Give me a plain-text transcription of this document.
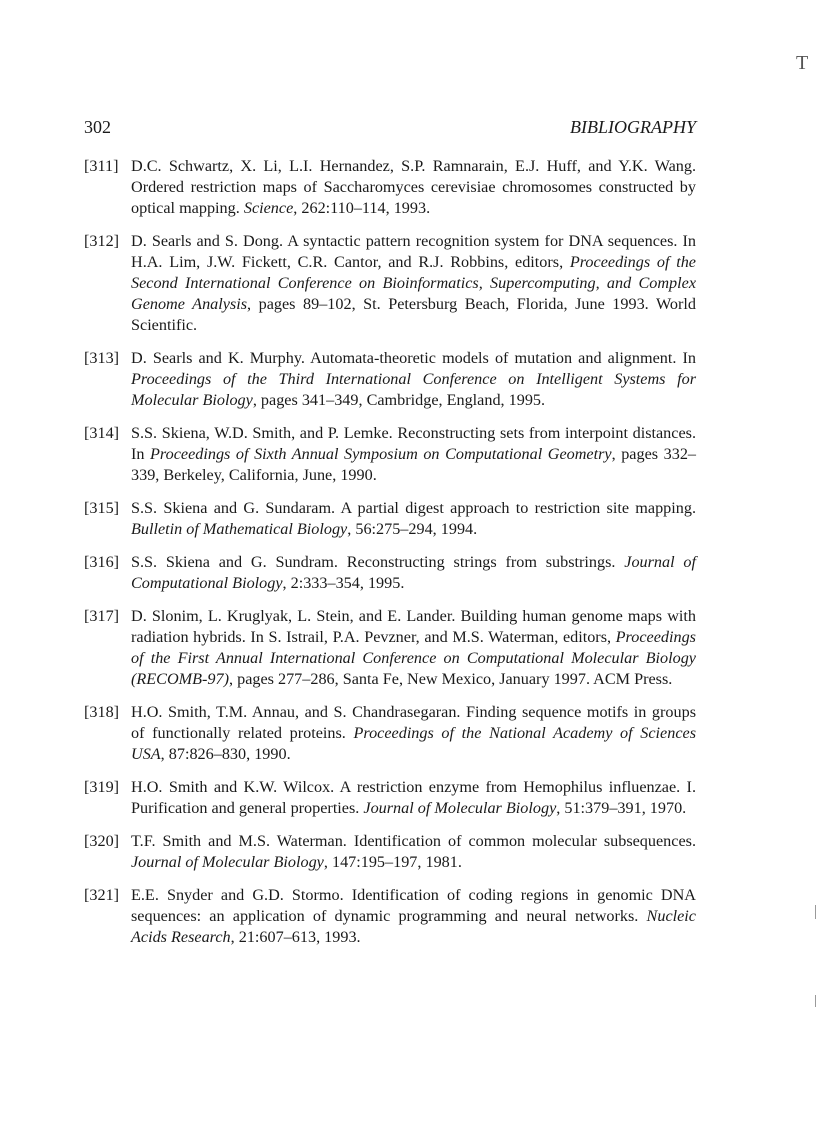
T
302	BIBLIOGRAPHY
[311] D.C. Schwartz, X. Li, L.I. Hernandez, S.P. Ramnarain, E.J. Huff, and Y.K. Wang. Ordered restriction maps of Saccharomyces cerevisiae chromosomes constructed by optical mapping. Science, 262:110–114, 1993.
[312] D. Searls and S. Dong. A syntactic pattern recognition system for DNA sequences. In H.A. Lim, J.W. Fickett, C.R. Cantor, and R.J. Robbins, editors, Proceedings of the Second International Conference on Bioinformatics, Supercomputing, and Complex Genome Analysis, pages 89–102, St. Petersburg Beach, Florida, June 1993. World Scientific.
[313] D. Searls and K. Murphy. Automata-theoretic models of mutation and alignment. In Proceedings of the Third International Conference on Intelligent Systems for Molecular Biology, pages 341–349, Cambridge, England, 1995.
[314] S.S. Skiena, W.D. Smith, and P. Lemke. Reconstructing sets from interpoint distances. In Proceedings of Sixth Annual Symposium on Computational Geometry, pages 332–339, Berkeley, California, June, 1990.
[315] S.S. Skiena and G. Sundaram. A partial digest approach to restriction site mapping. Bulletin of Mathematical Biology, 56:275–294, 1994.
[316] S.S. Skiena and G. Sundram. Reconstructing strings from substrings. Journal of Computational Biology, 2:333–354, 1995.
[317] D. Slonim, L. Kruglyak, L. Stein, and E. Lander. Building human genome maps with radiation hybrids. In S. Istrail, P.A. Pevzner, and M.S. Waterman, editors, Proceedings of the First Annual International Conference on Computational Molecular Biology (RECOMB-97), pages 277–286, Santa Fe, New Mexico, January 1997. ACM Press.
[318] H.O. Smith, T.M. Annau, and S. Chandrasegaran. Finding sequence motifs in groups of functionally related proteins. Proceedings of the National Academy of Sciences USA, 87:826–830, 1990.
[319] H.O. Smith and K.W. Wilcox. A restriction enzyme from Hemophilus influenzae. I. Purification and general properties. Journal of Molecular Biology, 51:379–391, 1970.
[320] T.F. Smith and M.S. Waterman. Identification of common molecular subsequences. Journal of Molecular Biology, 147:195–197, 1981.
[321] E.E. Snyder and G.D. Stormo. Identification of coding regions in genomic DNA sequences: an application of dynamic programming and neural networks. Nucleic Acids Research, 21:607–613, 1993.
